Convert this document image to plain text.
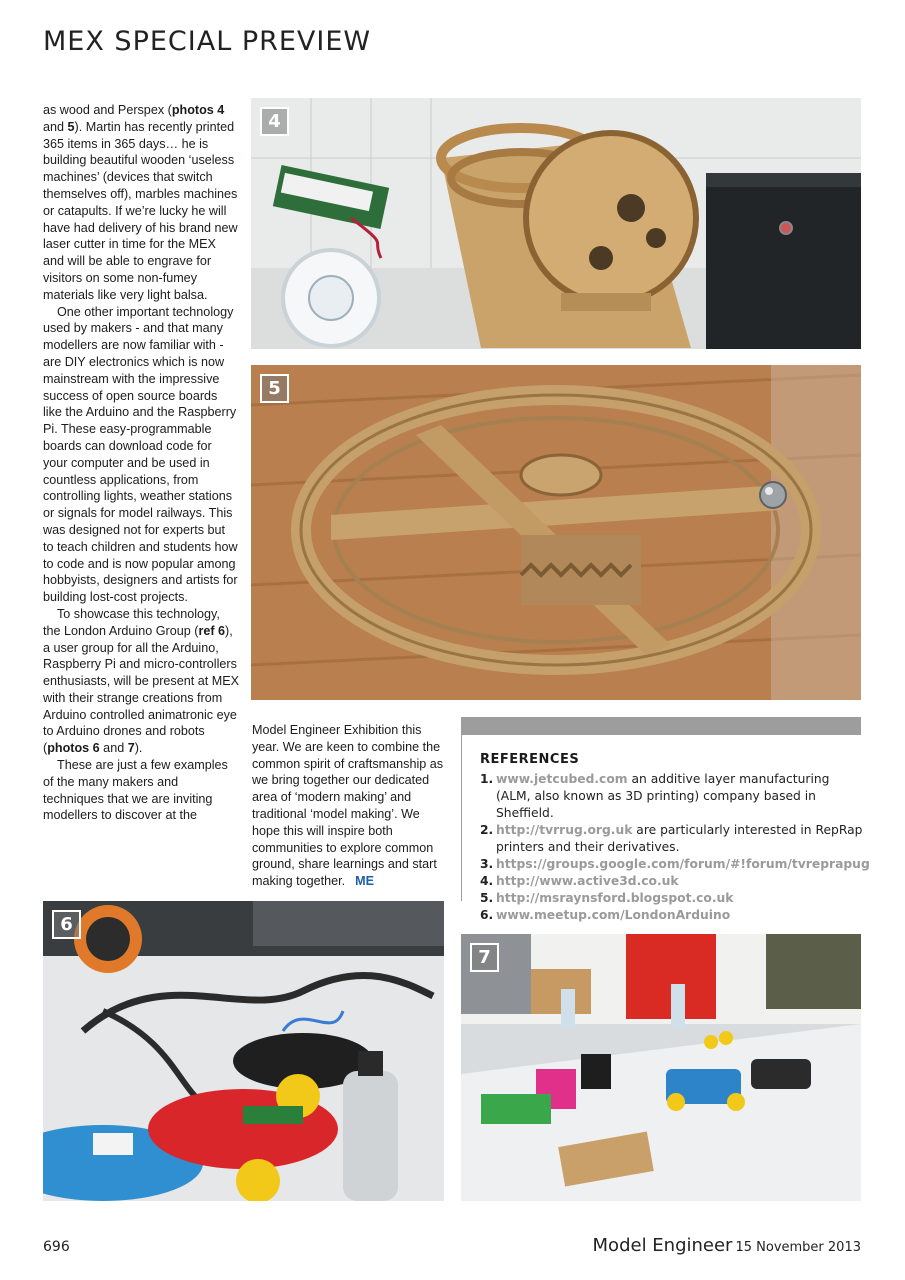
MEX SPECIAL PREVIEW

as wood and Perspex (photos 4 and 5). Martin has recently printed 365 items in 365 days… he is building beautiful wooden ‘useless machines’ (devices that switch themselves off), marbles machines or catapults. If we’re lucky he will have had delivery of his brand new laser cutter in time for the MEX and will be able to engrave for visitors on some non-fumey materials like very light balsa.

One other important technology used by makers - and that many modellers are now familiar with - are DIY electronics which is now mainstream with the impressive success of open source boards like the Arduino and the Raspberry Pi. These easy-programmable boards can download code for your computer and be used in countless applications, from controlling lights, weather stations or signals for model railways. This was designed not for experts but to teach children and students how to code and is now popular among hobbyists, designers and artists for building lost-cost projects.

To showcase this technology, the London Arduino Group (ref 6), a user group for all the Arduino, Raspberry Pi and micro-controllers enthusiasts, will be present at MEX with their strange creations from Arduino controlled animatronic eye to Arduino drones and robots (photos 6 and 7).

These are just a few examples of the many makers and techniques that we are inviting modellers to discover at the

4
5

Model Engineer Exhibition this year. We are keen to combine the common spirit of craftsmanship as we bring together our dedicated area of ‘modern making’ and traditional ‘model making’. We hope this will inspire both communities to explore common ground, share learnings and start making together. ME

REFERENCES
1. www.jetcubed.com an additive layer manufacturing (ALM, also known as 3D printing) company based in Sheffield.
2. http://tvrrug.org.uk are particularly interested in RepRap printers and their derivatives.
3. https://groups.google.com/forum/#!forum/tvreprapug
4. http://www.active3d.co.uk
5. http://msraynsford.blogspot.co.uk
6. www.meetup.com/LondonArduino
6
7
696	Model Engineer 15 November 2013
